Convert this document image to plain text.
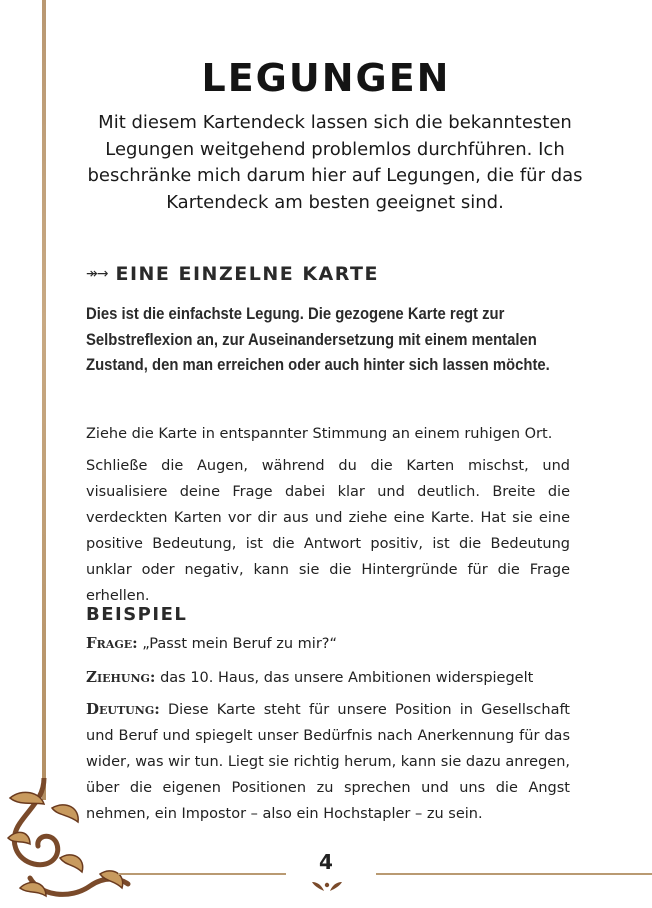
LEGUNGEN

Mit diesem Kartendeck lassen sich die bekanntesten Legungen weitgehend problemlos durchführen. Ich beschränke mich darum hier auf Legungen, die für das Kartendeck am besten geeignet sind.

↠→ EINE EINZELNE KARTE

Dies ist die einfachste Legung. Die gezogene Karte regt zur Selbstreflexion an, zur Auseinandersetzung mit einem mentalen Zustand, den man erreichen oder auch hinter sich lassen möchte.

Ziehe die Karte in entspannter Stimmung an einem ruhigen Ort.

Schließe die Augen, während du die Karten mischst, und visualisiere deine Frage dabei klar und deutlich. Breite die verdeckten Karten vor dir aus und ziehe eine Karte. Hat sie eine positive Bedeutung, ist die Antwort positiv, ist die Bedeutung unklar oder negativ, kann sie die Hintergründe für die Frage erhellen.

BEISPIEL

Frage: „Passt mein Beruf zu mir?“

Ziehung: das 10. Haus, das unsere Ambitionen widerspiegelt

Deutung: Diese Karte steht für unsere Position in Gesellschaft und Beruf und spiegelt unser Bedürfnis nach Anerkennung für das wider, was wir tun. Liegt sie richtig herum, kann sie dazu anregen, über die eigenen Positionen zu sprechen und uns die Angst nehmen, ein Impostor – also ein Hochstapler – zu sein.

4
